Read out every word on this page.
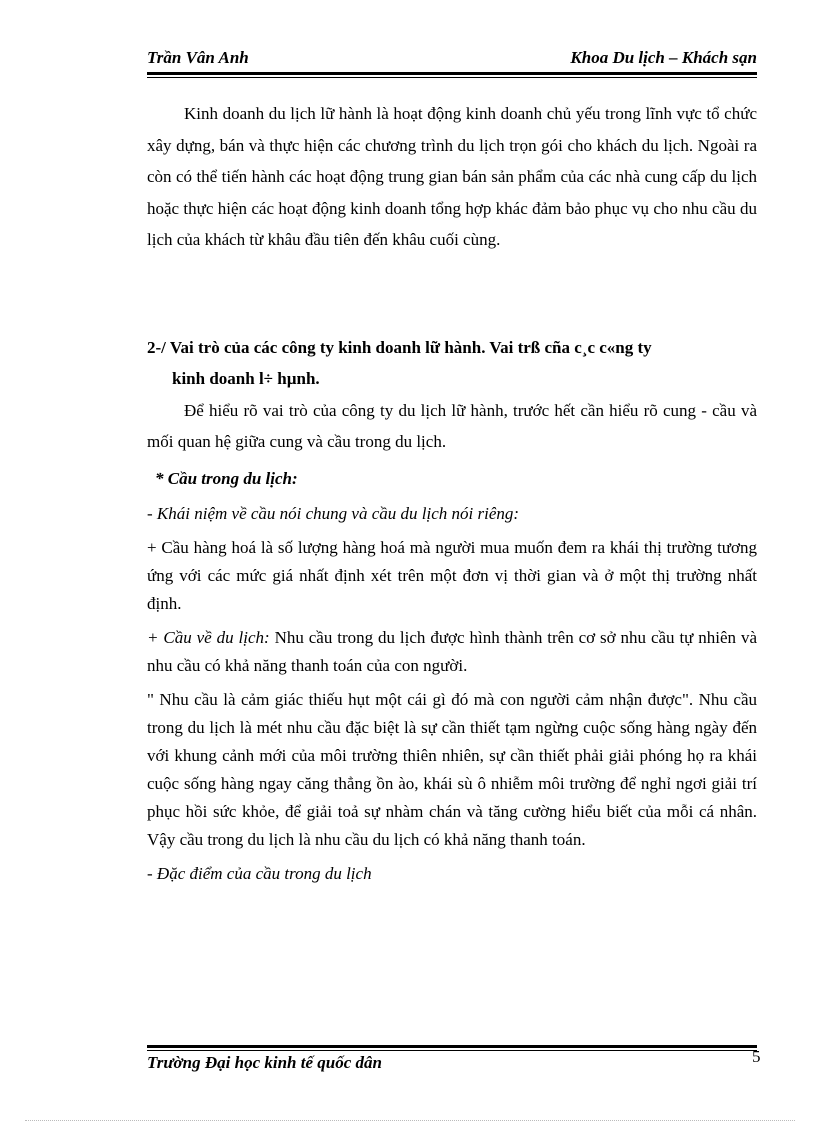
Trần Vân Anh	Khoa Du lịch – Khách sạn

Kinh doanh du lịch lữ hành là hoạt động kinh doanh chủ yếu trong lĩnh vực tổ chức xây dựng, bán và thực hiện các chương trình du lịch trọn gói cho khách du lịch. Ngoài ra còn có thể tiến hành các hoạt động trung gian bán sản phẩm của các nhà cung cấp du lịch hoặc thực hiện các hoạt động kinh doanh tổng hợp khác đảm bảo phục vụ cho nhu cầu du lịch của khách từ khâu đầu tiên đến khâu cuối cùng.

2-/ Vai trò của các công ty kinh doanh lữ hành. Vai trß cña c¸c c«ng ty
kinh doanh l÷ hµnh.

Để hiểu rõ vai trò của công ty du lịch lữ hành, trước hết cần hiểu rõ cung - cầu và mối quan hệ giữa cung và cầu trong du lịch.

* Cầu trong du lịch:

- Khái niệm về cầu nói chung và cầu du lịch nói riêng:

+ Cầu hàng hoá là số lượng hàng hoá mà người mua muốn đem ra khái thị trường tương ứng với các mức giá nhất định xét trên một đơn vị thời gian và ở một thị trường nhất định.

+ Cầu về du lịch: Nhu cầu trong du lịch được hình thành trên cơ sở nhu cầu tự nhiên và nhu cầu có khả năng thanh toán của con người.

" Nhu cầu là cảm giác thiếu hụt một cái gì đó mà con người cảm nhận được". Nhu cầu trong du lịch là mét nhu cầu đặc biệt là sự cần thiết tạm ngừng cuộc sống hàng ngày đến với khung cảnh mới của môi trường thiên nhiên, sự cần thiết phải giải phóng họ ra khái cuộc sống hàng ngay căng thẳng ồn ào, khái sù ô nhiễm môi trường để nghỉ ngơi giải trí phục hồi sức khỏe, để giải toả sự nhàm chán và tăng cường hiểu biết của mỗi cá nhân. Vậy cầu trong du lịch là nhu cầu du lịch có khả năng thanh toán.

- Đặc điểm của cầu trong du lịch

Trường Đại học kinh tế quốc dân	5
